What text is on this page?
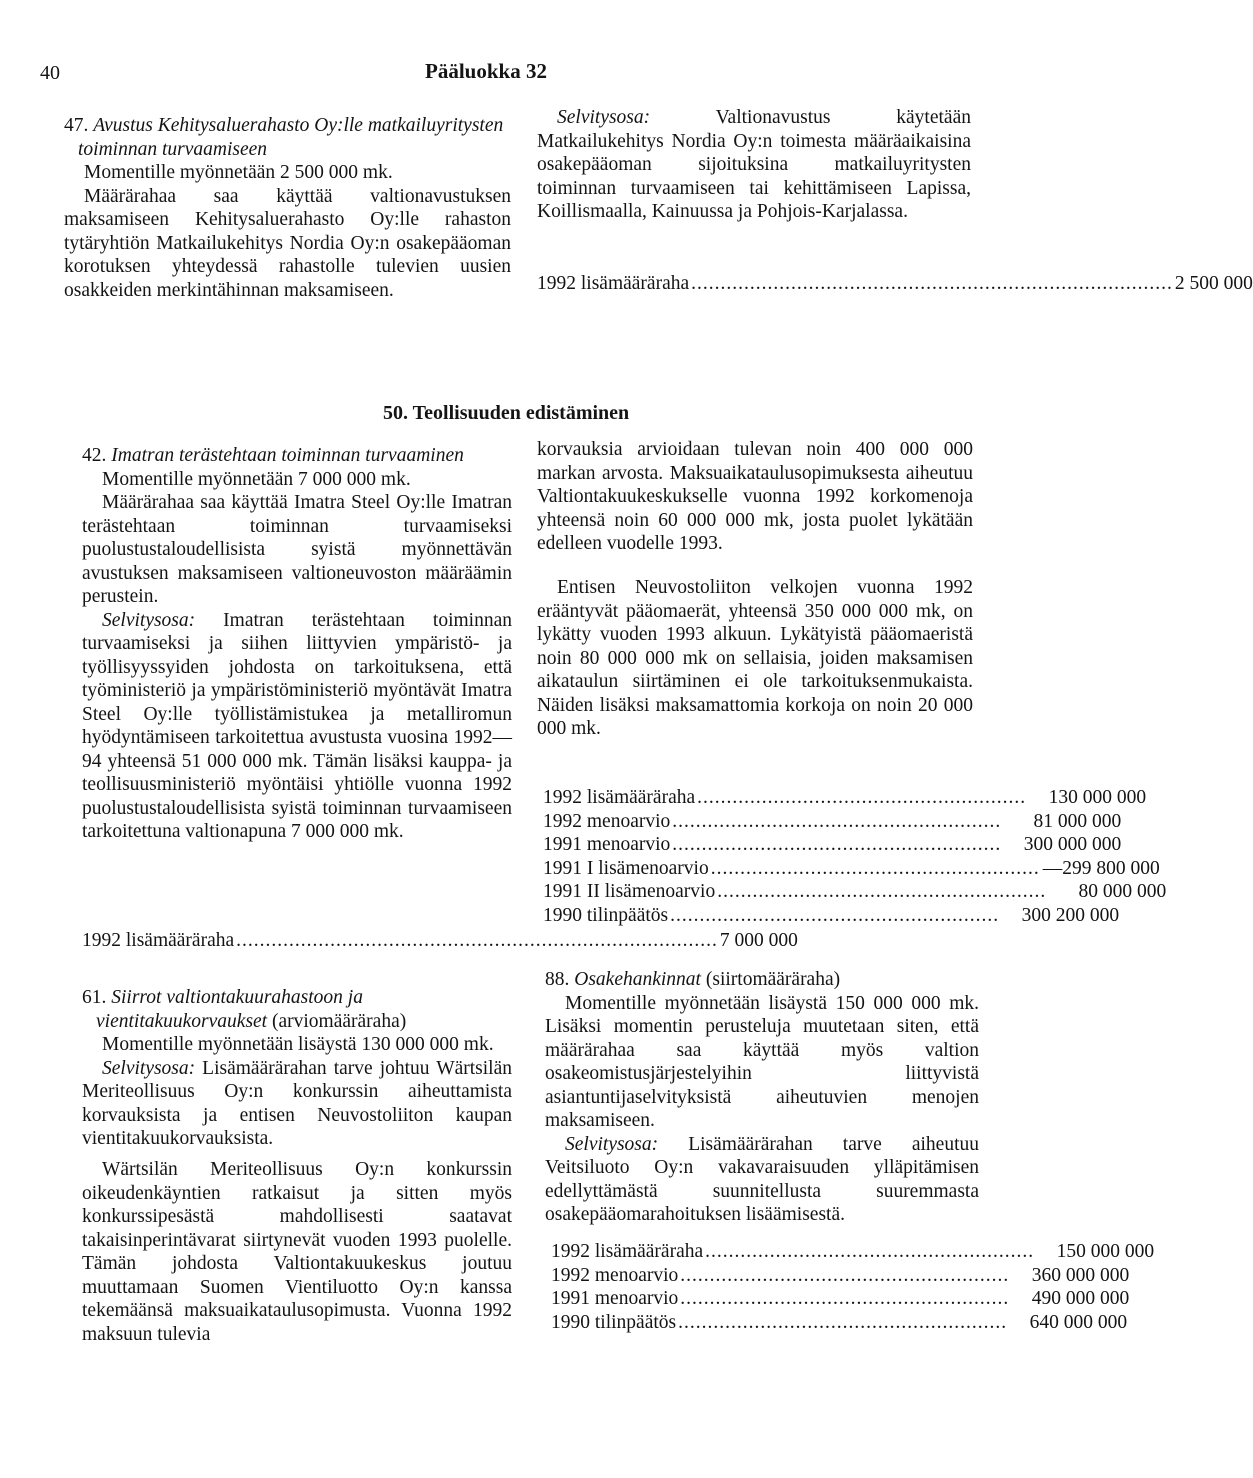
40	Pääluokka 32

47. Avustus Kehitysaluerahasto Oy:lle matkailuyritysten toiminnan turvaamiseen

Momentille myönnetään 2 500 000 mk.

Määrärahaa saa käyttää valtionavustuksen maksamiseen Kehitysaluerahasto Oy:lle rahaston tytäryhtiön Matkailukehitys Nordia Oy:n osakepääoman korotuksen yhteydessä rahastolle tulevien uusien osakkeiden merkintähinnan maksamiseen.

Selvitysosa:	Valtionavustus käytetään Matkailukehitys Nordia Oy:n toimesta määräaikaisina osakepääoman sijoituksina matkailuyritysten toiminnan turvaamiseen tai kehittämiseen Lapissa, Koillismaalla, Kainuussa ja Pohjois-Karjalassa.

1992 lisämääräraha .................................................................................. 2 500 000
50. Teollisuuden edistäminen

42. Imatran terästehtaan toiminnan turvaaminen

Momentille myönnetään 7 000 000 mk.

Määrärahaa saa käyttää Imatra Steel Oy:lle Imatran terästehtaan toiminnan turvaamiseksi puolustustaloudellisista syistä myönnettävän avustuksen maksamiseen valtioneuvoston määräämin perustein.

Selvitysosa: Imatran terästehtaan toiminnan turvaamiseksi ja siihen liittyvien ympäristö- ja työllisyyssyiden johdosta on tarkoituksena, että työministeriö ja ympäristöministeriö myöntävät Imatra Steel Oy:lle työllistämistukea ja metalliromun hyödyntämiseen tarkoitettua avustusta vuosina 1992—94 yhteensä 51 000 000 mk. Tämän lisäksi kauppa- ja teollisuusministeriö myöntäisi yhtiölle vuonna 1992 puolustustaloudellisista syistä toiminnan turvaamiseen tarkoitettuna valtionapuna 7 000 000 mk.

1992 lisämääräraha .................................................................................. 7 000 000

61. Siirrot valtiontakuurahastoon ja vientitakuukorvaukset (arviomääräraha)

Momentille myönnetään lisäystä 130 000 000 mk.

Selvitysosa: Lisämäärärahan tarve johtuu Wärtsilän Meriteollisuus Oy:n konkurssin aiheuttamista korvauksista ja entisen Neuvostoliiton kaupan vientitakuukorvauksista.

Wärtsilän Meriteollisuus Oy:n konkurssin oikeudenkäyntien ratkaisut ja sitten myös konkurssipesästä mahdollisesti saatavat takaisinperintävarat siirtynevät vuoden 1993 puolelle. Tämän johdosta Valtiontakuukeskus joutuu muuttamaan Suomen Vientiluotto Oy:n kanssa tekemäänsä maksuaikataulusopimusta. Vuonna 1992 maksuun tulevia

Entisen Neuvostoliiton velkojen vuonna 1992 erääntyvät pääomaerät, yhteensä 350 000 000 mk, on lykätty vuoden 1993 alkuun. Lykätyistä pääomaeristä noin 80 000 000 mk on sellaisia, joiden maksamisen aikataulun siirtäminen ei ole tarkoituksenmukaista. Näiden lisäksi maksamattomia korkoja on noin 20 000 000 mk.

1992 lisämääräraha ........................................................	130 000 000
1992 menoarvio ........................................................	81 000 000
1991 menoarvio ........................................................	300 000 000
1991 I lisämenoarvio ........................................................ —299 800 000
1991 II lisämenoarvio ........................................................	80 000 000
1990 tilinpäätös ........................................................	300 200 000

88. Osakehankinnat (siirtomääräraha)

Momentille myönnetään lisäystä 150 000 000 mk. Lisäksi momentin perusteluja muutetaan siten, että määrärahaa saa käyttää myös valtion osakeomistusjärjestelyihin liittyvistä asiantuntijaselvityksistä aiheutuvien menojen maksamiseen.

Selvitysosa: Lisämäärärahan tarve aiheutuu Veitsiluoto Oy:n vakavaraisuuden ylläpitämisen edellyttämästä suunnitellusta suuremmasta osakepääomarahoituksen lisäämisestä.

1992 lisämääräraha ........................................................	150 000 000
1992 menoarvio ........................................................	360 000 000
1991 menoarvio ........................................................	490 000 000
1990 tilinpäätös ........................................................	640 000 000

korvauksia arvioidaan tulevan noin 400 000 000 markan arvosta. Maksuaikataulusopimuksesta aiheutuu Valtiontakuukeskukselle vuonna 1992 korkomenoja yhteensä noin 60 000 000 mk, josta puolet lykätään edelleen vuodelle 1993.
